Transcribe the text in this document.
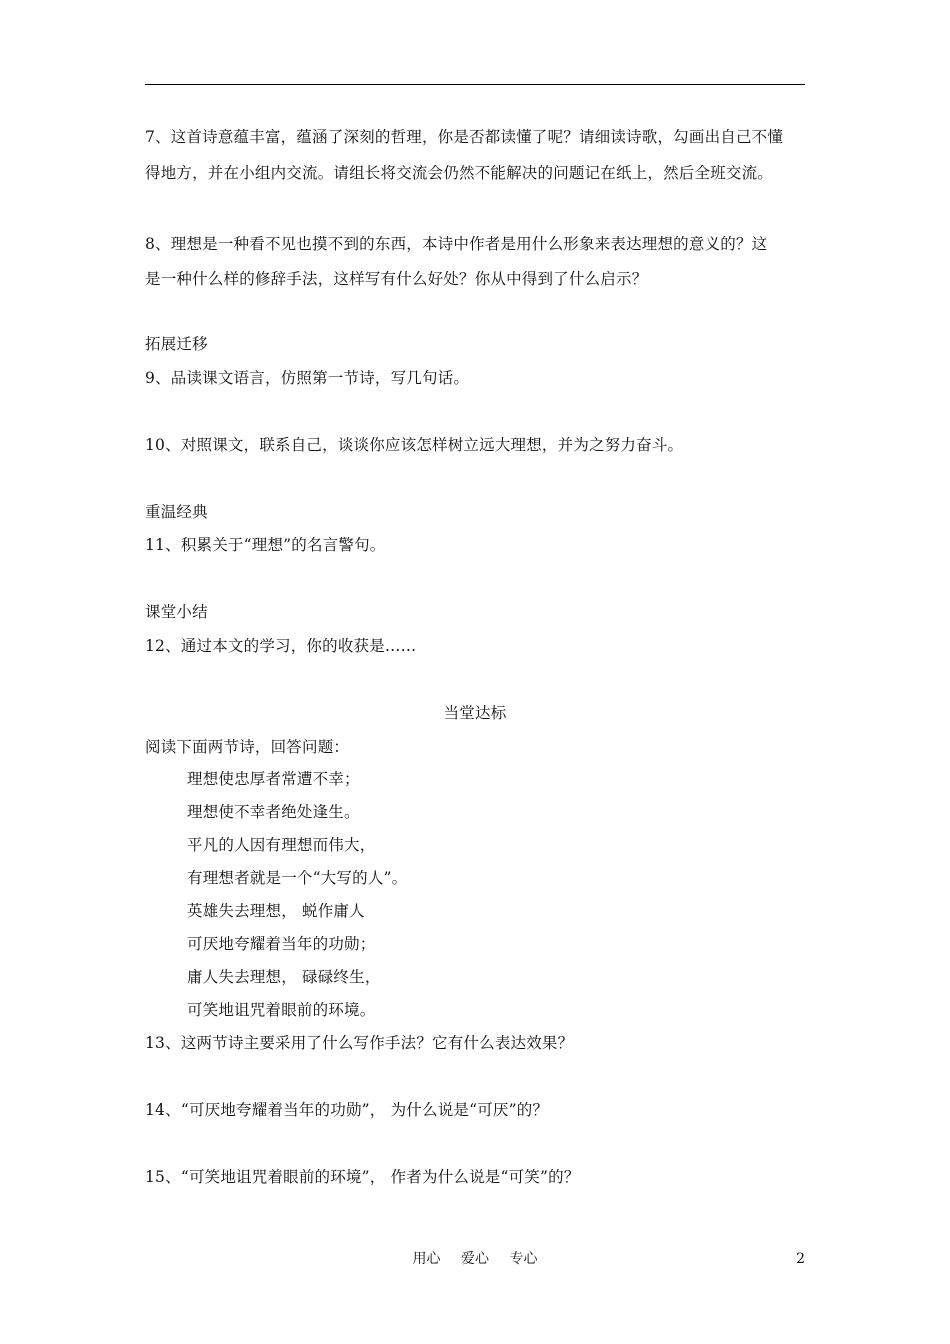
7、这首诗意蕴丰富，蕴涵了深刻的哲理，你是否都读懂了呢？请细读诗歌，勾画出自己不懂
得地方，并在小组内交流。请组长将交流会仍然不能解决的问题记在纸上，然后全班交流。
8、理想是一种看不见也摸不到的东西，本诗中作者是用什么形象来表达理想的意义的？这
是一种什么样的修辞手法，这样写有什么好处？你从中得到了什么启示？
拓展迁移
9、品读课文语言，仿照第一节诗，写几句话。
10、对照课文，联系自己，谈谈你应该怎样树立远大理想，并为之努力奋斗。
重温经典
11、积累关于“理想”的名言警句。
课堂小结
12、通过本文的学习，你的收获是……
当堂达标
阅读下面两节诗，回答问题：
理想使忠厚者常遭不幸；
理想使不幸者绝处逢生。
平凡的人因有理想而伟大，
有理想者就是一个“大写的人”。
英雄失去理想， 蜕作庸人
可厌地夸耀着当年的功勋；
庸人失去理想， 碌碌终生，
可笑地诅咒着眼前的环境。
13、这两节诗主要采用了什么写作手法？它有什么表达效果？
14、“可厌地夸耀着当年的功勋”， 为什么说是“可厌”的？
15、“可笑地诅咒着眼前的环境”， 作者为什么说是“可笑”的？
用心 爱心 专心	2
